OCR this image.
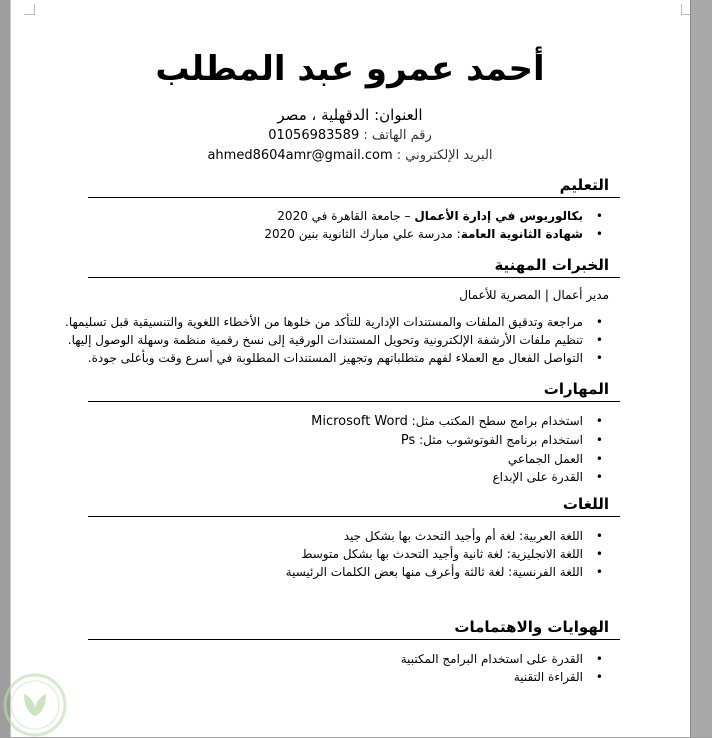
أحمد عمرو عبد المطلب

العنوان: الدقهلية ، مصر

رقم الهاتف : 01056983589

البريد الإلكتروني : ahmed8604amr@gmail.com

التعليم
•
بكالوريوس في إدارة الأعمال – جامعة القاهرة في 2020
•
شهادة الثانوية العامة: مدرسة علي مبارك الثانوية بنين 2020
الخبرات المهنية

مدير أعمال | المصرية للأعمال

•
مراجعة وتدقيق الملفات والمستندات الإدارية للتأكد من خلوها من الأخطاء اللغوية والتنسيقية قبل تسليمها.
•
تنظيم ملفات الأرشفة الإلكترونية وتحويل المستندات الورقية إلى نسخ رقمية منظمة وسهلة الوصول إليها.
•
التواصل الفعال مع العملاء لفهم متطلباتهم وتجهيز المستندات المطلوبة في أسرع وقت وبأعلى جودة.
المهارات
•
استخدام برامج سطح المكتب مثل: Microsoft Word
•
استخدام برنامج الفوتوشوب مثل: Ps
•
العمل الجماعي
•
القدرة على الإبداع
اللغات
•
اللغة العربية: لغة أم وأجيد التحدث بها بشكل جيد
•
اللغة الانجليزية: لغة ثانية وأجيد التحدث بها بشكل متوسط
•
اللغة الفرنسية: لغة ثالثة وأعرف منها بعض الكلمات الرئيسية
الهوايات والاهتمامات
•
القدرة على استخدام البرامج المكتبية
•
القراءة التقنية
